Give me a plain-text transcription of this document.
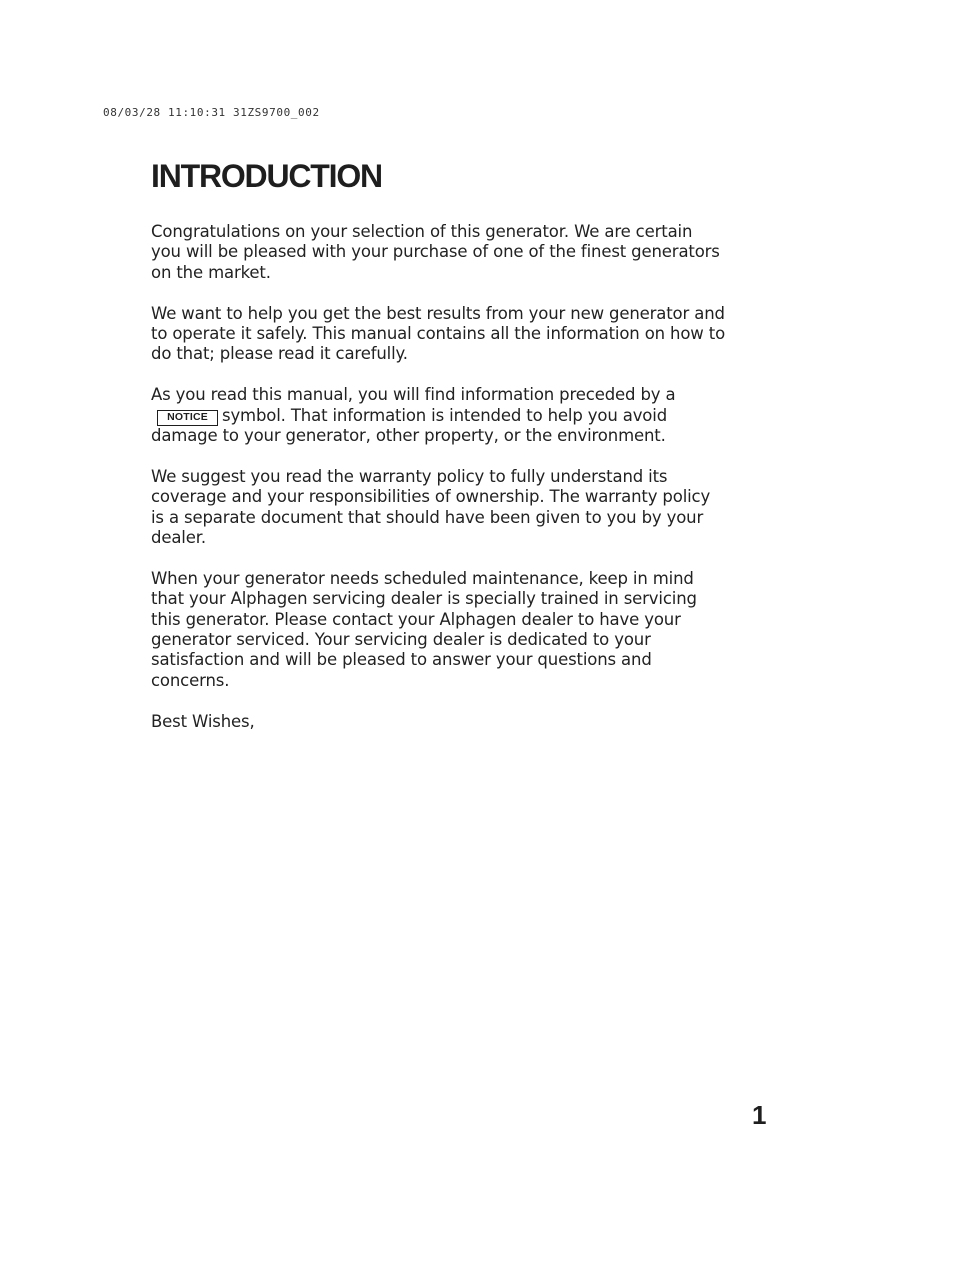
08/03/28 11:10:31 31ZS9700_002
INTRODUCTION

Congratulations on your selection of this generator. We are certain
you will be pleased with your purchase of one of the finest generators
on the market.

We want to help you get the best results from your new generator and
to operate it safely. This manual contains all the information on how to
do that; please read it carefully.

As you read this manual, you will find information preceded by a
NOTICE symbol. That information is intended to help you avoid
damage to your generator, other property, or the environment.

We suggest you read the warranty policy to fully understand its
coverage and your responsibilities of ownership. The warranty policy
is a separate document that should have been given to you by your
dealer.

When your generator needs scheduled maintenance, keep in mind
that your Alphagen servicing dealer is specially trained in servicing
this generator. Please contact your Alphagen dealer to have your
generator serviced. Your servicing dealer is dedicated to your
satisfaction and will be pleased to answer your questions and
concerns.

Best Wishes,

1
